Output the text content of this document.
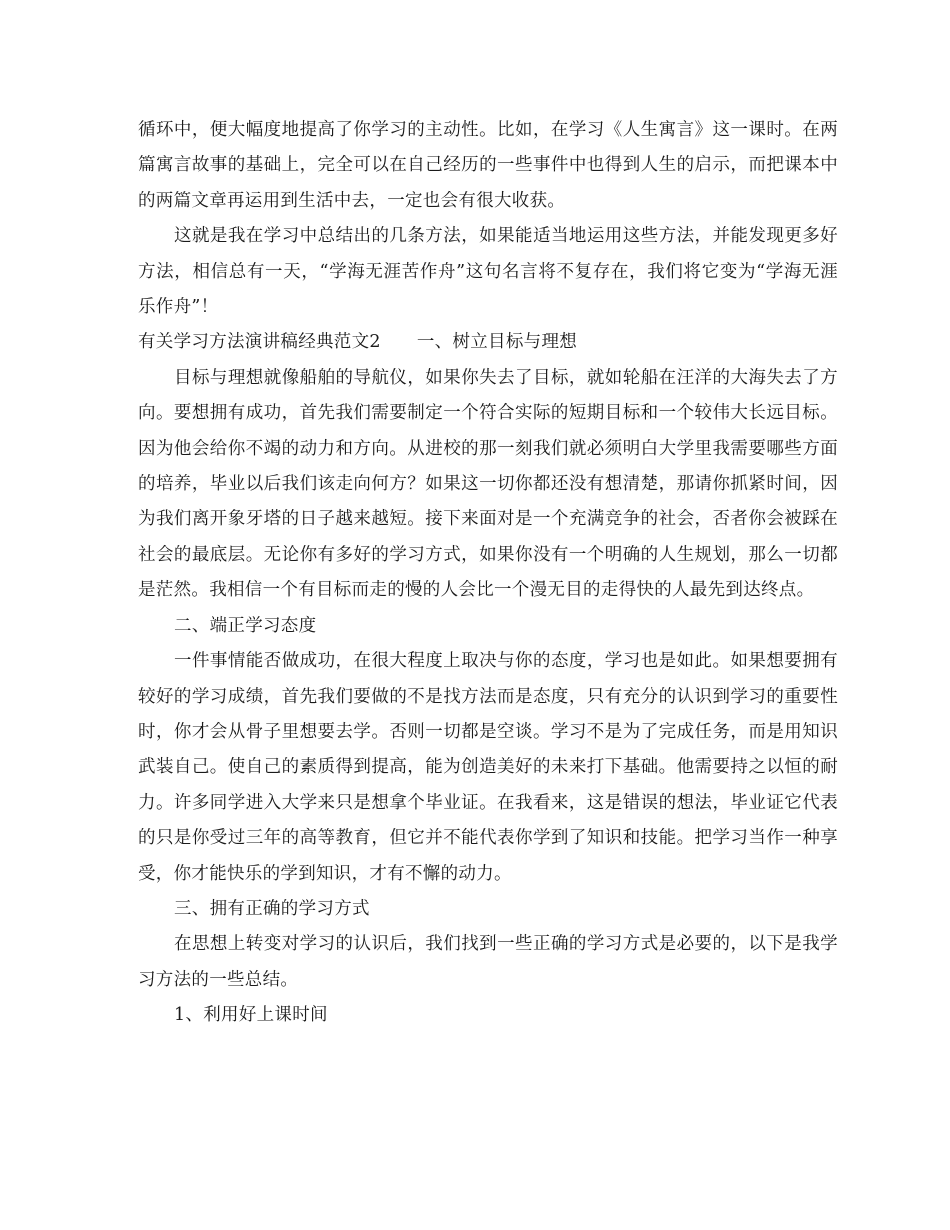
循环中，便大幅度地提高了你学习的主动性。比如，在学习《人生寓言》这一课时。在两篇寓言故事的基础上，完全可以在自己经历的一些事件中也得到人生的启示，而把课本中的两篇文章再运用到生活中去，一定也会有很大收获。

这就是我在学习中总结出的几条方法，如果能适当地运用这些方法，并能发现更多好方法，相信总有一天，“学海无涯苦作舟”这句名言将不复存在，我们将它变为“学海无涯乐作舟”！

有关学习方法演讲稿经典范文2 一、树立目标与理想

目标与理想就像船舶的导航仪，如果你失去了目标，就如轮船在汪洋的大海失去了方向。要想拥有成功，首先我们需要制定一个符合实际的短期目标和一个较伟大长远目标。因为他会给你不竭的动力和方向。从进校的那一刻我们就必须明白大学里我需要哪些方面的培养，毕业以后我们该走向何方？如果这一切你都还没有想清楚，那请你抓紧时间，因为我们离开象牙塔的日子越来越短。接下来面对是一个充满竞争的社会，否者你会被踩在社会的最底层。无论你有多好的学习方式，如果你没有一个明确的人生规划，那么一切都是茫然。我相信一个有目标而走的慢的人会比一个漫无目的走得快的人最先到达终点。

二、端正学习态度

一件事情能否做成功，在很大程度上取决与你的态度，学习也是如此。如果想要拥有较好的学习成绩，首先我们要做的不是找方法而是态度，只有充分的认识到学习的重要性时，你才会从骨子里想要去学。否则一切都是空谈。学习不是为了完成任务，而是用知识武装自己。使自己的素质得到提高，能为创造美好的未来打下基础。他需要持之以恒的耐力。许多同学进入大学来只是想拿个毕业证。在我看来，这是错误的想法，毕业证它代表的只是你受过三年的高等教育，但它并不能代表你学到了知识和技能。把学习当作一种享受，你才能快乐的学到知识，才有不懈的动力。

三、拥有正确的学习方式

在思想上转变对学习的认识后，我们找到一些正确的学习方式是必要的，以下是我学习方法的一些总结。

1、利用好上课时间
